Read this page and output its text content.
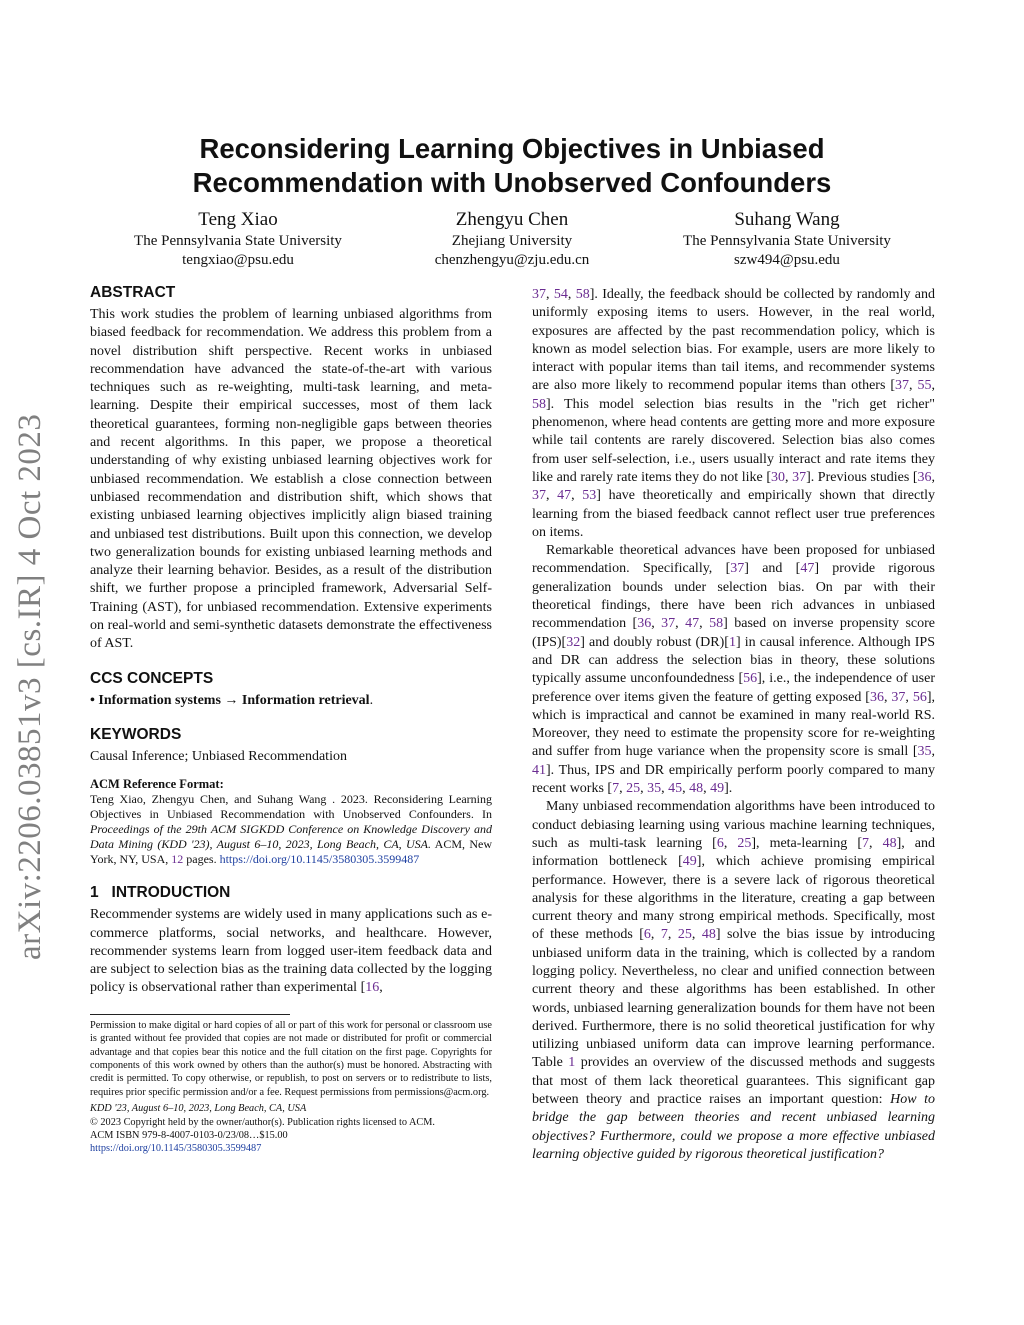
arXiv:2206.03851v3 [cs.IR] 4 Oct 2023
Reconsidering Learning Objectives in Unbiased Recommendation with Unobserved Confounders
Teng Xiao
The Pennsylvania State University
tengxiao@psu.edu
Zhengyu Chen
Zhejiang University
chenzhengyu@zju.edu.cn
Suhang Wang
The Pennsylvania State University
szw494@psu.edu
ABSTRACT
This work studies the problem of learning unbiased algorithms from biased feedback for recommendation. We address this problem from a novel distribution shift perspective. Recent works in unbiased recommendation have advanced the state-of-the-art with various techniques such as re-weighting, multi-task learning, and meta-learning. Despite their empirical successes, most of them lack theoretical guarantees, forming non-negligible gaps between theories and recent algorithms. In this paper, we propose a theoretical understanding of why existing unbiased learning objectives work for unbiased recommendation. We establish a close connection between unbiased recommendation and distribution shift, which shows that existing unbiased learning objectives implicitly align biased training and unbiased test distributions. Built upon this connection, we develop two generalization bounds for existing unbiased learning methods and analyze their learning behavior. Besides, as a result of the distribution shift, we further propose a principled framework, Adversarial Self-Training (AST), for unbiased recommendation. Extensive experiments on real-world and semi-synthetic datasets demonstrate the effectiveness of AST.
CCS CONCEPTS
• Information systems → Information retrieval.
KEYWORDS
Causal Inference; Unbiased Recommendation
ACM Reference Format:
Teng Xiao, Zhengyu Chen, and Suhang Wang . 2023. Reconsidering Learning Objectives in Unbiased Recommendation with Unobserved Confounders. In Proceedings of the 29th ACM SIGKDD Conference on Knowledge Discovery and Data Mining (KDD '23), August 6–10, 2023, Long Beach, CA, USA. ACM, New York, NY, USA, 12 pages. https://doi.org/10.1145/3580305.3599487
1 INTRODUCTION
Recommender systems are widely used in many applications such as e-commerce platforms, social networks, and healthcare. However, recommender systems learn from logged user-item feedback data and are subject to selection bias as the training data collected by the logging policy is observational rather than experimental [16,
Permission to make digital or hard copies of all or part of this work for personal or classroom use is granted without fee provided that copies are not made or distributed for profit or commercial advantage and that copies bear this notice and the full citation on the first page. Copyrights for components of this work owned by others than the author(s) must be honored. Abstracting with credit is permitted. To copy otherwise, or republish, to post on servers or to redistribute to lists, requires prior specific permission and/or a fee. Request permissions from permissions@acm.org.
KDD '23, August 6–10, 2023, Long Beach, CA, USA
© 2023 Copyright held by the owner/author(s). Publication rights licensed to ACM.
ACM ISBN 979-8-4007-0103-0/23/08…$15.00
https://doi.org/10.1145/3580305.3599487
37, 54, 58]. Ideally, the feedback should be collected by randomly and uniformly exposing items to users. However, in the real world, exposures are affected by the past recommendation policy, which is known as model selection bias. For example, users are more likely to interact with popular items than tail items, and recommender systems are also more likely to recommend popular items than others [37, 55, 58]. This model selection bias results in the "rich get richer" phenomenon, where head contents are getting more and more exposure while tail contents are rarely discovered. Selection bias also comes from user self-selection, i.e., users usually interact and rate items they like and rarely rate items they do not like [30, 37]. Previous studies [36, 37, 47, 53] have theoretically and empirically shown that directly learning from the biased feedback cannot reflect user true preferences on items.
Remarkable theoretical advances have been proposed for unbiased recommendation. Specifically, [37] and [47] provide rigorous generalization bounds under selection bias. On par with their theoretical findings, there have been rich advances in unbiased recommendation [36, 37, 47, 58] based on inverse propensity score (IPS)[32] and doubly robust (DR)[1] in causal inference. Although IPS and DR can address the selection bias in theory, these solutions typically assume unconfoundedness [56], i.e., the independence of user preference over items given the feature of getting exposed [36, 37, 56], which is impractical and cannot be examined in many real-world RS. Moreover, they need to estimate the propensity score for re-weighting and suffer from huge variance when the propensity score is small [35, 41]. Thus, IPS and DR empirically perform poorly compared to many recent works [7, 25, 35, 45, 48, 49].
Many unbiased recommendation algorithms have been introduced to conduct debiasing learning using various machine learning techniques, such as multi-task learning [6, 25], meta-learning [7, 48], and information bottleneck [49], which achieve promising empirical performance. However, there is a severe lack of rigorous theoretical analysis for these algorithms in the literature, creating a gap between current theory and many strong empirical methods. Specifically, most of these methods [6, 7, 25, 48] solve the bias issue by introducing unbiased uniform data in the training, which is collected by a random logging policy. Nevertheless, no clear and unified connection between current theory and these algorithms has been established. In other words, unbiased learning generalization bounds for them have not been derived. Furthermore, there is no solid theoretical justification for why utilizing unbiased uniform data can improve learning performance. Table 1 provides an overview of the discussed methods and suggests that most of them lack theoretical guarantees. This significant gap between theory and practice raises an important question: How to bridge the gap between theories and recent unbiased learning objectives? Furthermore, could we propose a more effective unbiased learning objective guided by rigorous theoretical justification?
